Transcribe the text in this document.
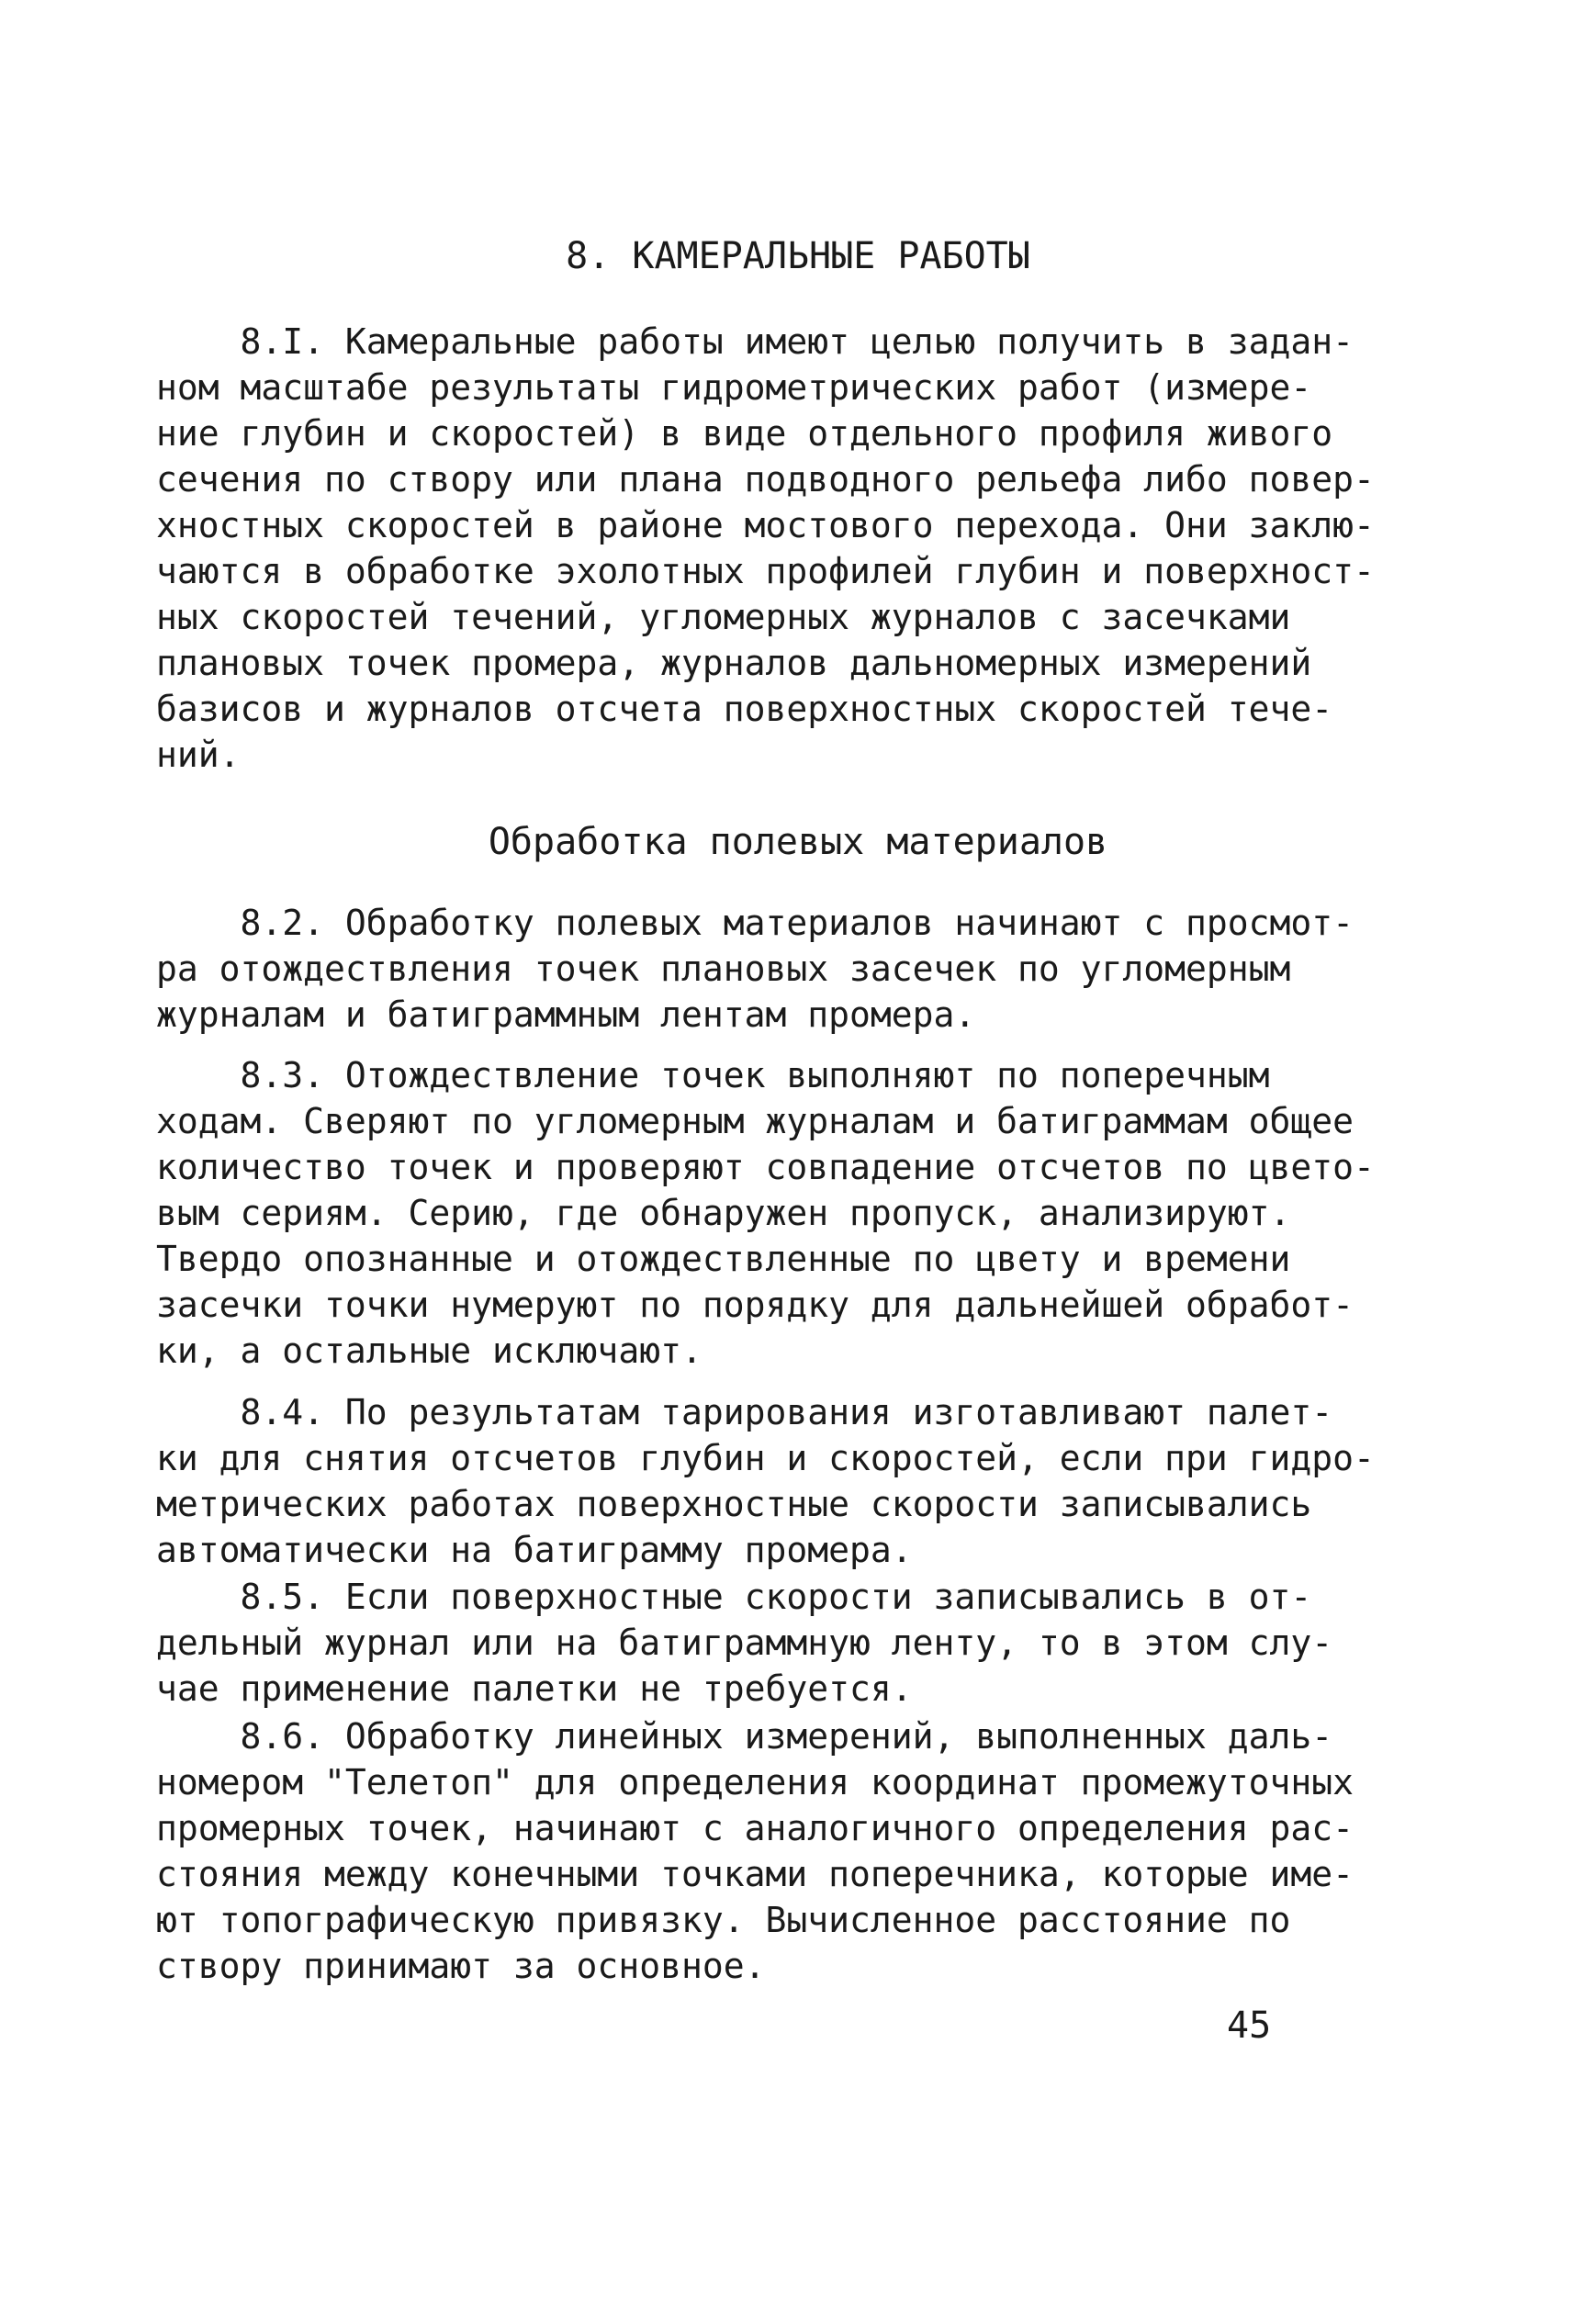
8. КАМЕРАЛЬНЫЕ РАБОТЫ

8.I. Камеральные работы имеют целью получить в задан-
ном масштабе результаты гидрометрических работ (измере-
ние глубин и скоростей) в виде отдельного профиля живого
сечения по створу или плана подводного рельефа либо повер-
хностных скоростей в районе мостового перехода. Они заклю-
чаются в обработке эхолотных профилей глубин и поверхност-
ных скоростей течений, угломерных журналов с засечками
плановых точек промера, журналов дальномерных измерений
базисов и журналов отсчета поверхностных скоростей тече-
ний.

Обработка полевых материалов

8.2. Обработку полевых материалов начинают с просмот-
ра отождествления точек плановых засечек по угломерным
журналам и батиграммным лентам промера.

8.3. Отождествление точек выполняют по поперечным
ходам. Сверяют по угломерным журналам и батиграммам общее
количество точек и проверяют совпадение отсчетов по цвето-
вым сериям. Серию, где обнаружен пропуск, анализируют.
Твердо опознанные и отождествленные по цвету и времени
засечки точки нумеруют по порядку для дальнейшей обработ-
ки, а остальные исключают.

8.4. По результатам тарирования изготавливают палет-
ки для снятия отсчетов глубин и скоростей, если при гидро-
метрических работах поверхностные скорости записывались
автоматически на батиграмму промера.

8.5. Если поверхностные скорости записывались в от-
дельный журнал или на батиграммную ленту, то в этом слу-
чае применение палетки не требуется.

8.6. Обработку линейных измерений, выполненных даль-
номером "Телетоп" для определения координат промежуточных
промерных точек, начинают с аналогичного определения рас-
стояния между конечными точками поперечника, которые име-
ют топографическую привязку. Вычисленное расстояние по
створу принимают за основное.

45
